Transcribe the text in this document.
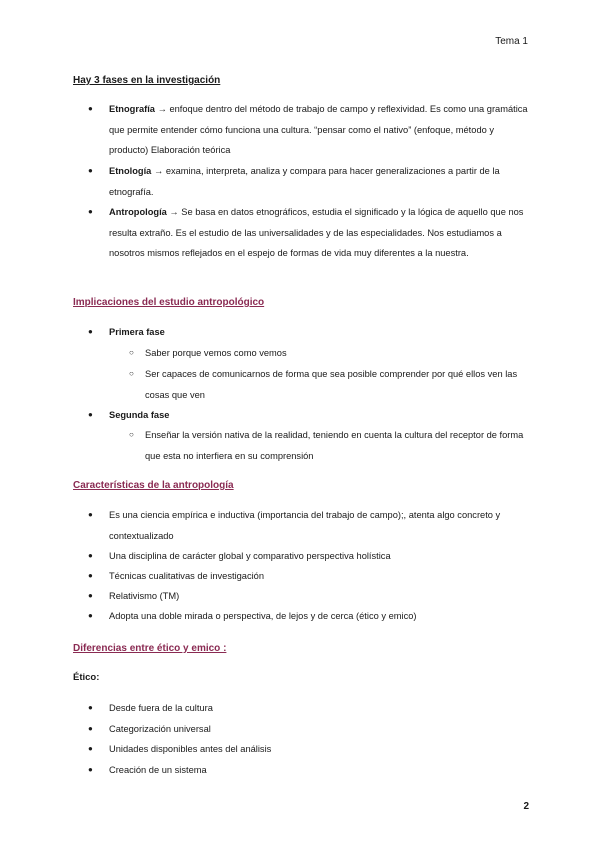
Tema 1
Hay 3 fases en la investigación
● Etnografía → enfoque dentro del método de trabajo de campo y reflexividad. Es como una gramática que permite entender cómo funciona una cultura. “pensar como el nativo” (enfoque, método y producto) Elaboración teórica
● Etnología → examina, interpreta, analiza y compara para hacer generalizaciones a partir de la etnografía.
● Antropología → Se basa en datos etnográficos, estudia el significado y la lógica de aquello que nos resulta extraño. Es el estudio de las universalidades y de las especialidades. Nos estudiamos a nosotros mismos reflejados en el espejo de formas de vida muy diferentes a la nuestra.
Implicaciones del estudio antropológico
● Primera fase
○ Saber porque vemos como vemos
○ Ser capaces de comunicarnos de forma que sea posible comprender por qué ellos ven las cosas que ven
● Segunda fase
○ Enseñar la versión nativa de la realidad, teniendo en cuenta la cultura del receptor de forma que esta no interfiera en su comprensión
Características de la antropología
● Es una ciencia empírica e inductiva (importancia del trabajo de campo);, atenta algo concreto y contextualizado
● Una disciplina de carácter global y comparativo perspectiva holística
● Técnicas cualitativas de investigación
● Relativismo (TM)
● Adopta una doble mirada o perspectiva, de lejos y de cerca (ético y emico)
Diferencias entre ético y emico :
Ético:
● Desde fuera de la cultura
● Categorización universal
● Unidades disponibles antes del análisis
● Creación de un sistema
2
